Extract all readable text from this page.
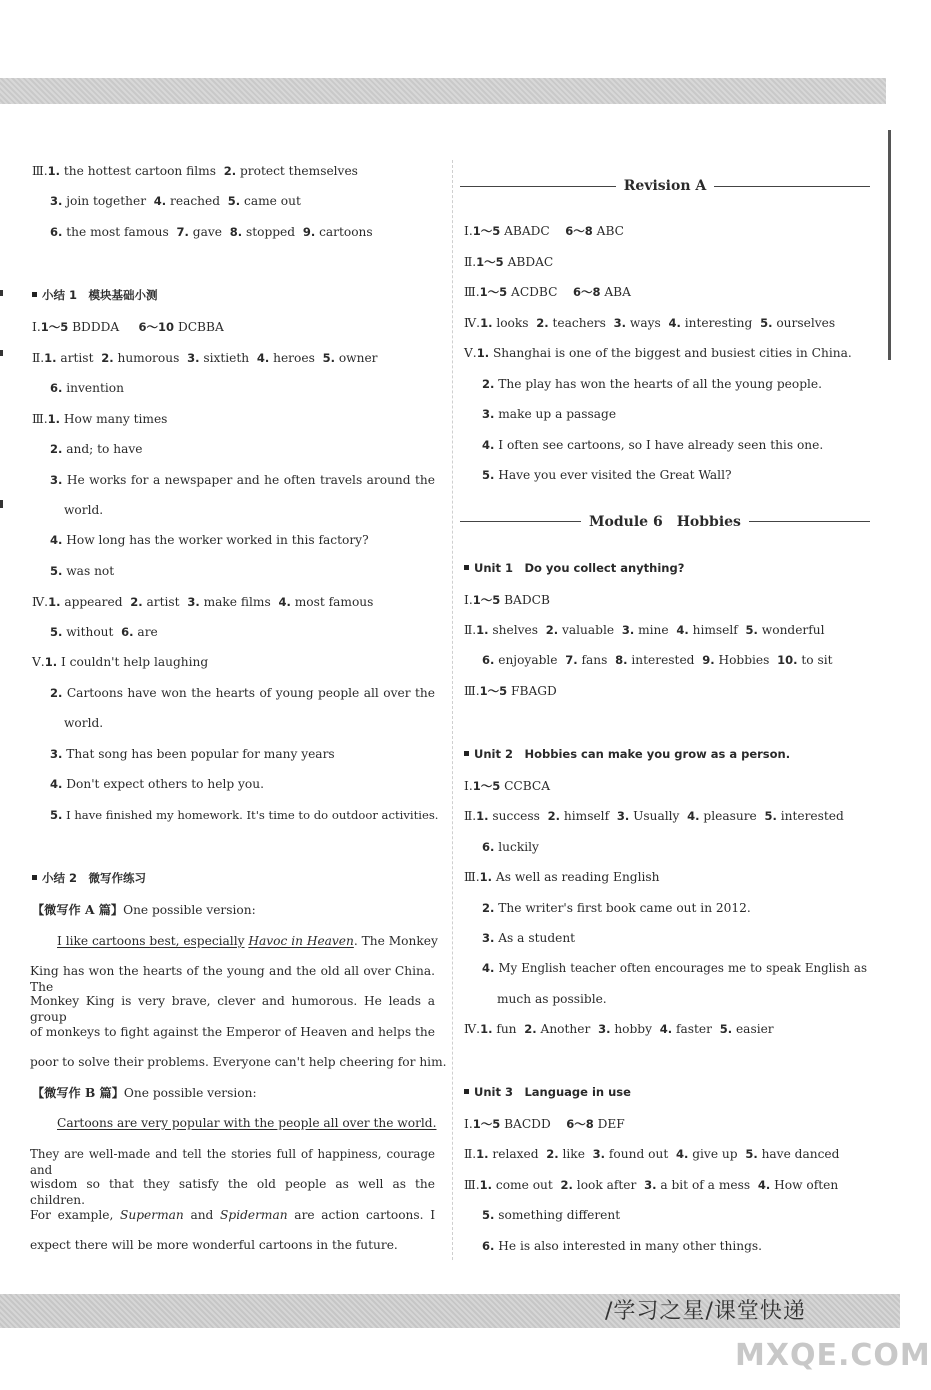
Ⅲ.1. the hottest cartoon films 2. protect themselves
3. join together 4. reached 5. came out
6. the most famous 7. gave 8. stopped 9. cartoons
小结 1　模块基础小测
Ⅰ.1～5 BDDDA 6～10 DCBBA
Ⅱ.1. artist 2. humorous 3. sixtieth 4. heroes 5. owner
6. invention
Ⅲ.1. How many times
2. and; to have
3. He works for a newspaper and he often travels around the
world.
4. How long has the worker worked in this factory?
5. was not
Ⅳ.1. appeared 2. artist 3. make films 4. most famous
5. without 6. are
Ⅴ.1. I couldn't help laughing
2. Cartoons have won the hearts of young people all over the
world.
3. That song has been popular for many years
4. Don't expect others to help you.
5. I have finished my homework. It's time to do outdoor activities.
小结 2　微写作练习
【微写作 A 篇】One possible version:
I like cartoons best, especially Havoc in Heaven. The Monkey
King has won the hearts of the young and the old all over China. The
Monkey King is very brave, clever and humorous. He leads a group
of monkeys to fight against the Emperor of Heaven and helps the
poor to solve their problems. Everyone can't help cheering for him.
【微写作 B 篇】One possible version:
Cartoons are very popular with the people all over the world.
They are well-made and tell the stories full of happiness, courage and
wisdom so that they satisfy the old people as well as the children.
For example, Superman and Spiderman are action cartoons. I
expect there will be more wonderful cartoons in the future.
Revision A
Ⅰ.1～5 ABADC 6～8 ABC
Ⅱ.1～5 ABDAC
Ⅲ.1～5 ACDBC 6～8 ABA
Ⅳ.1. looks 2. teachers 3. ways 4. interesting 5. ourselves
Ⅴ.1. Shanghai is one of the biggest and busiest cities in China.
2. The play has won the hearts of all the young people.
3. make up a passage
4. I often see cartoons, so I have already seen this one.
5. Have you ever visited the Great Wall?
Module 6　Hobbies
Unit 1　Do you collect anything?
Ⅰ.1～5 BADCB
Ⅱ.1. shelves 2. valuable 3. mine 4. himself 5. wonderful
6. enjoyable 7. fans 8. interested 9. Hobbies 10. to sit
Ⅲ.1～5 FBAGD
Unit 2　Hobbies can make you grow as a person.
Ⅰ.1～5 CCBCA
Ⅱ.1. success 2. himself 3. Usually 4. pleasure 5. interested
6. luckily
Ⅲ.1. As well as reading English
2. The writer's first book came out in 2012.
3. As a student
4. My English teacher often encourages me to speak English as
much as possible.
Ⅳ.1. fun 2. Another 3. hobby 4. faster 5. easier
Unit 3　Language in use
Ⅰ.1～5 BACDD 6～8 DEF
Ⅱ.1. relaxed 2. like 3. found out 4. give up 5. have danced
Ⅲ.1. come out 2. look after 3. a bit of a mess 4. How often
5. something different
6. He is also interested in many other things.
/学习之星/课堂快递
MXQE.COM
